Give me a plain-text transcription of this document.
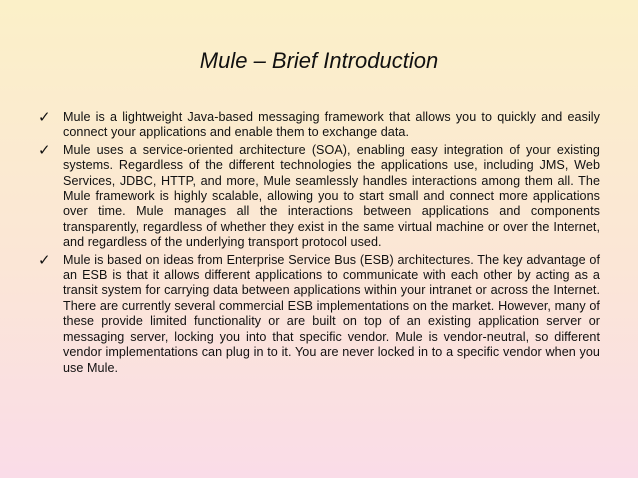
Mule – Brief Introduction
✓ Mule is a lightweight Java-based messaging framework that allows you to quickly and easily connect your applications and enable them to exchange data.
✓ Mule uses a service-oriented architecture (SOA), enabling easy integration of your existing systems. Regardless of the different technologies the applications use, including JMS, Web Services, JDBC, HTTP, and more, Mule seamlessly handles interactions among them all. The Mule framework is highly scalable, allowing you to start small and connect more applications over time. Mule manages all the interactions between applications and components transparently, regardless of whether they exist in the same virtual machine or over the Internet, and regardless of the underlying transport protocol used.
✓ Mule is based on ideas from Enterprise Service Bus (ESB) architectures. The key advantage of an ESB is that it allows different applications to communicate with each other by acting as a transit system for carrying data between applications within your intranet or across the Internet. There are currently several commercial ESB implementations on the market. However, many of these provide limited functionality or are built on top of an existing application server or messaging server, locking you into that specific vendor. Mule is vendor-neutral, so different vendor implementations can plug in to it. You are never locked in to a specific vendor when you use Mule.
